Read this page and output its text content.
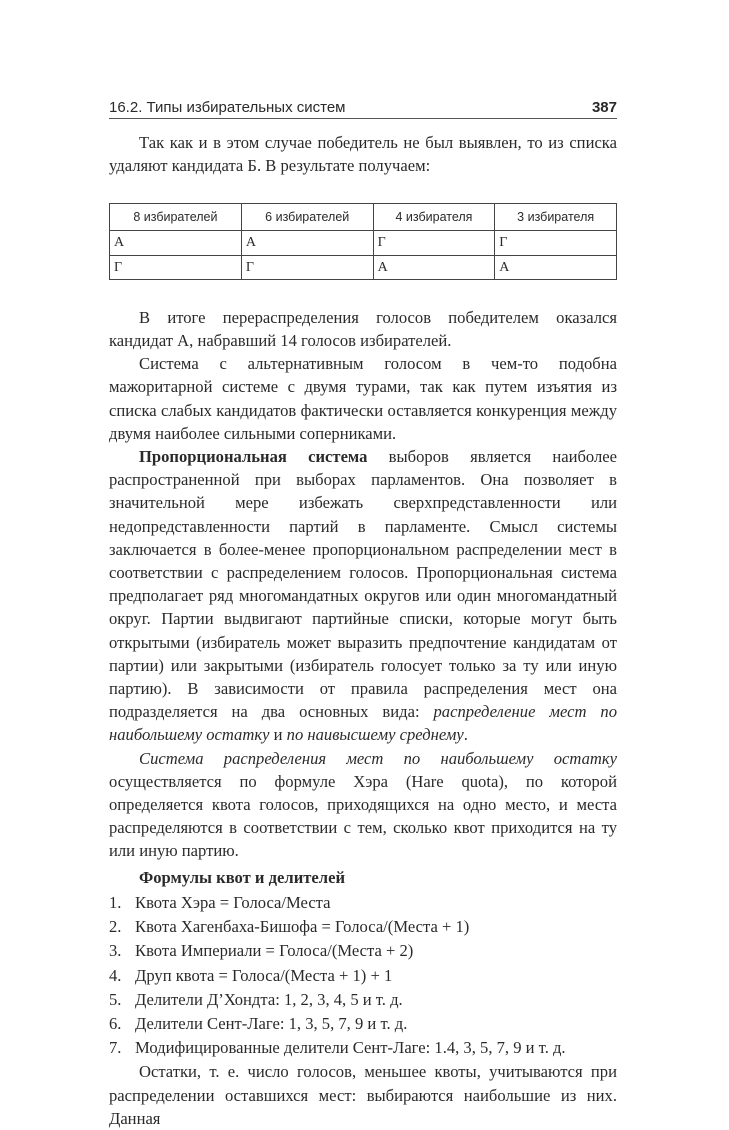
16.2. Типы избирательных систем	387

Так как и в этом случае победитель не был выявлен, то из списка удаляют кандидата Б. В результате получаем:

8 избирателей	6 избирателей	4 избирателя	3 избирателя
А	А	Г	Г
Г	Г	А	А

В итоге перераспределения голосов победителем оказался кандидат А, набравший 14 голосов избирателей.

Система с альтернативным голосом в чем-то подобна мажоритарной системе с двумя турами, так как путем изъятия из списка слабых кандидатов фактически оставляется конкуренция между двумя наиболее сильными соперниками.

Пропорциональная система выборов является наиболее распространенной при выборах парламентов. Она позволяет в значительной мере избежать сверхпредставленности или недопредставленности партий в парламенте. Смысл системы заключается в более-менее пропорциональном распределении мест в соответствии с распределением голосов. Пропорциональная система предполагает ряд многомандатных округов или один многомандатный округ. Партии выдвигают партийные списки, которые могут быть открытыми (избиратель может выразить предпочтение кандидатам от партии) или закрытыми (избиратель голосует только за ту или иную партию). В зависимости от правила распределения мест она подразделяется на два основных вида: распределение мест по наибольшему остатку и по наивысшему среднему.

Система распределения мест по наибольшему остатку осуществляется по формуле Хэра (Hare quota), по которой определяется квота голосов, приходящихся на одно место, и места распределяются в соответствии с тем, сколько квот приходится на ту или иную партию.

Формулы квот и делителей
1. Квота Хэра = Голоса/Места
2. Квота Хагенбаха-Бишофа = Голоса/(Места + 1)
3. Квота Империали = Голоса/(Места + 2)
4. Друп квота = Голоса/(Места + 1) + 1
5. Делители Д’Хондта: 1, 2, 3, 4, 5 и т. д.
6. Делители Сент-Лаге: 1, 3, 5, 7, 9 и т. д.
7. Модифицированные делители Сент-Лаге: 1.4, 3, 5, 7, 9 и т. д.

Остатки, т. е. число голосов, меньшее квоты, учитываются при распределении оставшихся мест: выбираются наибольшие из них. Данная
